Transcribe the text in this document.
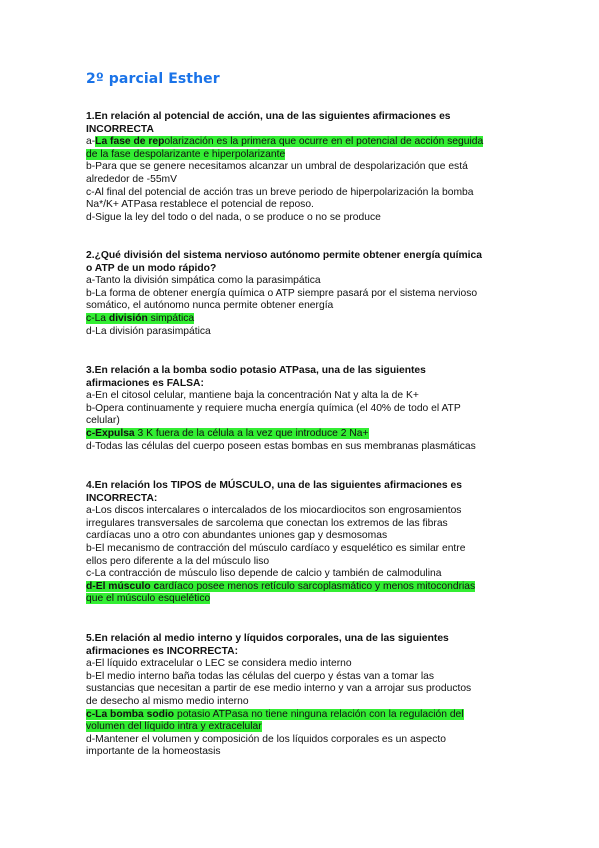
2º parcial Esther
1.En relación al potencial de acción, una de las siguientes afirmaciones es
INCORRECTA
a-La fase de repolarización es la primera que ocurre en el potencial de acción seguida
de la fase despolarizante e hiperpolarizante
b-Para que se genere necesitamos alcanzar un umbral de despolarización que está
alrededor de -55mV
c-Al final del potencial de acción tras un breve periodo de hiperpolarización la bomba
Na*/K+ ATPasa restablece el potencial de reposo.
d-Sigue la ley del todo o del nada, o se produce o no se produce
2.¿Qué división del sistema nervioso autónomo permite obtener energía química
o ATP de un modo rápido?
a-Tanto la división simpática como la parasimpática
b-La forma de obtener energía química o ATP siempre pasará por el sistema nervioso
somático, el autónomo nunca permite obtener energía
c-La división simpática
d-La división parasimpática
3.En relación a la bomba sodio potasio ATPasa, una de las siguientes
afirmaciones es FALSA:
a-En el citosol celular, mantiene baja la concentración Nat y alta la de K+
b-Opera continuamente y requiere mucha energía química (el 40% de todo el ATP
celular)
c-Expulsa 3 K fuera de la célula a la vez que introduce 2 Na+
d-Todas las células del cuerpo poseen estas bombas en sus membranas plasmáticas
4.En relación los TIPOS de MÚSCULO, una de las siguientes afirmaciones es
INCORRECTA:
a-Los discos intercalares o intercalados de los miocardiocitos son engrosamientos
irregulares transversales de sarcolema que conectan los extremos de las fibras
cardíacas uno a otro con abundantes uniones gap y desmosomas
b-El mecanismo de contracción del músculo cardíaco y esquelético es similar entre
ellos pero diferente a la del músculo liso
c-La contracción de músculo liso depende de calcio y también de calmodulina
d-El músculo cardíaco posee menos retículo sarcoplasmático y menos mitocondrias
que el músculo esquelético
5.En relación al medio interno y líquidos corporales, una de las siguientes
afirmaciones es INCORRECTA:
a-El líquido extracelular o LEC se considera medio interno
b-El medio interno baña todas las células del cuerpo y éstas van a tomar las
sustancias que necesitan a partir de ese medio interno y van a arrojar sus productos
de desecho al mismo medio interno
c-La bomba sodio potasio ATPasa no tiene ninguna relación con la regulación del
volumen del líquido intra y extracelular
d-Mantener el volumen y composición de los líquidos corporales es un aspecto
importante de la homeostasis
